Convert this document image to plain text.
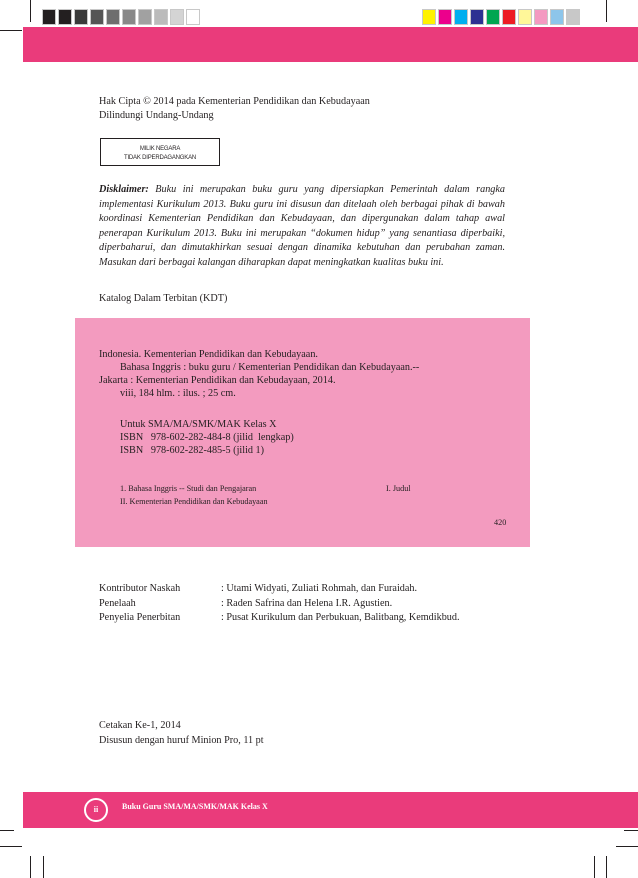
Hak Cipta © 2014 pada Kementerian Pendidikan dan Kebudayaan
Dilindungi Undang-Undang
MILIK NEGARA
TIDAK DIPERDAGANGKAN
Disklaimer: Buku ini merupakan buku guru yang dipersiapkan Pemerintah dalam rangka implementasi Kurikulum 2013. Buku guru ini disusun dan ditelaah oleh berbagai pihak di bawah koordinasi Kementerian Pendidikan dan Kebudayaan, dan dipergunakan dalam tahap awal penerapan Kurikulum 2013. Buku ini merupakan “dokumen hidup” yang senantiasa diperbaiki, diperbaharui, dan dimutakhirkan sesuai dengan dinamika kebutuhan dan perubahan zaman. Masukan dari berbagai kalangan diharapkan dapat meningkatkan kualitas buku ini.
Katalog Dalam Terbitan (KDT)
Indonesia. Kementerian Pendidikan dan Kebudayaan.
Bahasa Inggris : buku guru / Kementerian Pendidikan dan Kebudayaan.--
Jakarta : Kementerian Pendidikan dan Kebudayaan, 2014.
viii, 184 hlm. : ilus. ; 25 cm.
Untuk SMA/MA/SMK/MAK Kelas X
ISBN   978-602-282-484-8 (jilid  lengkap)
ISBN   978-602-282-485-5 (jilid 1)
1. Bahasa Inggris -- Studi dan Pengajaran	I. Judul
II. Kementerian Pendidikan dan Kebudayaan
420
Kontributor Naskah	: Utami Widyati, Zuliati Rohmah, dan Furaidah.
Penelaah	: Raden Safrina dan Helena I.R. Agustien.
Penyelia Penerbitan	: Pusat Kurikulum dan Perbukuan, Balitbang, Kemdikbud.
Cetakan Ke-1, 2014
Disusun dengan huruf Minion Pro, 11 pt
ii	Buku Guru SMA/MA/SMK/MAK Kelas X
